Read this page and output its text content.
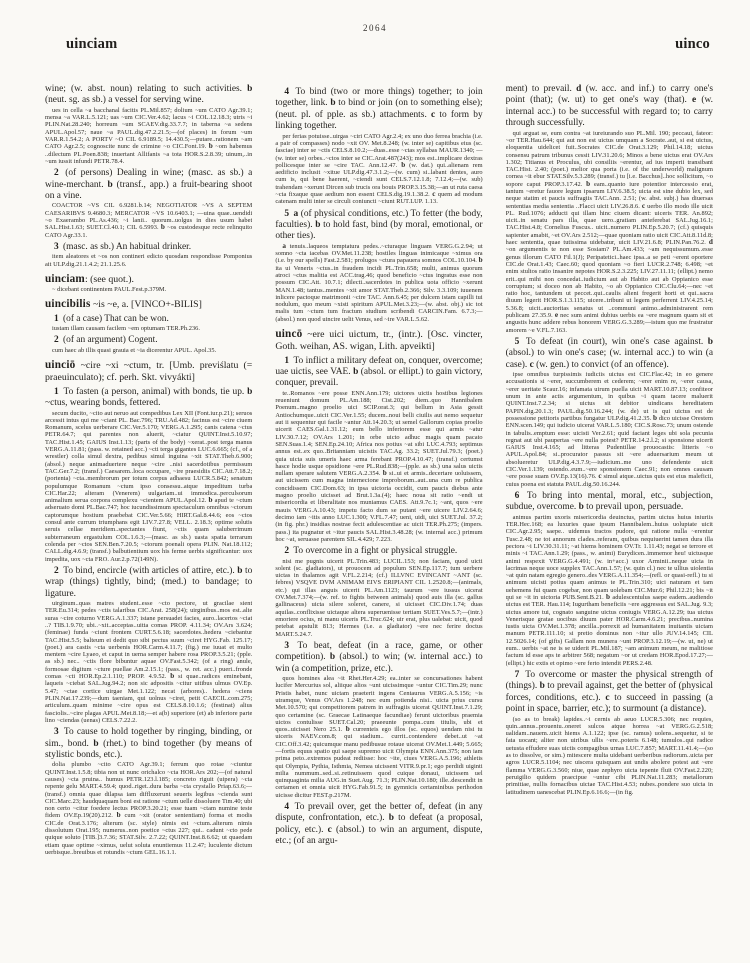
2064
uinciam	uinco

wine; (w. abst. noun) relating to such activities. b (neut. sg. as sb.) a vessel for serving wine.

ues in cella ~a bacchanal facitis PL.Mil.857; dolium ~um CATO Agr.39.1; mensa ~a VAR.L.5.121; uas ~um CIC.Ver.4.62; lacus ~i COL.12.18.3; utris ~i PLIN.Nat.28.240; horreum ~um SCAEV.dig.33.7.7; in taberna ~a sedens APUL.Apol.57; naue ~a PAUL.dig.47.2.21.5;—(of places) in forum ~um VAR.R.1.54.2; A PORTV ~O CIL 6.9189.5; 14.430.5;—putare..rationem ~am CATO Agr.2.5; cognoscite nunc de crimine ~o CIC.Font.19. b ~om habemus ..dilectum PL.Poen.838; inuertant Allifanis ~a tota HOR.S.2.8.39; uinum,..in ~um iussit infundi PETR.78.4.

2 (of persons) Dealing in wine; (masc. as sb.) a wine-merchant. b (transf., app.) a fruit-bearing shoot on a vine.

COACTOR ~VS CIL 6.9281.b.14; NEGOTIATOR ~VS A SEPTEM CAESARIBVS 9.4680.3; MERCATOR ~VS 10.6403.1; —uina quae..uendidi ~o Exaerambo PL.As.436; ~i lanii.. quorum..uolgus in dies usum habet SAL.Hist.1.63; SUET.Cl.40.1; CIL 6.5993. b ~os custodesque recte relinquito CATO Agr.33.1.

3 (masc. as sb.) An habitual drinker.

item aleatores et ~os non contineri edicto quosdam respondisse Pomponius ait ULP.dig.21.1.4.2; 21.1.25.6.

uinciam: (see quot.).

~ dicebant continentem PAUL.Fest.p.379M.

uincibilis ~is ~e, a. [VINCO+-BILIS]

1 (of a case) That can be won.

iustam illam causam facilem ~em optumam TER.Ph.236.

2 (of an argument) Cogent.

cum haec ab illis quasi grauia et ~ia dicerentur APUL. Apol.35.

uinciō ~cire ~xi ~ctum, tr. [Umb. previślatu (= praeuinculato); cf. perh. Skt. vivyákti]

1 To fasten (a person, animal) with bonds, tie up. b ~ctus, wearing bonds, fettered.

secum ducito, ~cito aut neruo aut compedibus Lex XII (Font.iur.p.21); seruos arcessit intus qui me ~ciant PL. Bac.796; TRU.Ad.482; facinus est ~cire ciuem Romanum, scelus uerberare CIC.Ver.5.170; VERG.A.1.295; canis catena ~ctus PETR.64.7; qui parentes non aluerit, ~ciatur QUINT.Inst.5.10.97; TAC.Hist.1.45; GAIUS Inst.1.13; (parts of the body) ~xerat..post terga manus VERG.A.11.81; (pass. w. retained acc.) ~cti terga gigantes LUC.6.665; (cf., of a wrestler) colla simul dextra, pedibus simul inguina ~xit STAT.Theb.6.900; (absol.) neque animaduertere neque ~cire ..nisi sacerdotibus permissum TAC.Ger.7.2; (transf.) Caesarem..loca occupare, ~ire praesidiis CIC.Att.7.18.2; (portenta) ~cta..membrorum per totum corpus adhaesu LUCR.5.842; senatum populumque Romanum ~ctum ipso consessu..atque impeditum turba CIC.Har.22; alteram (Venerem) uulgariam..ui immodica..perculsorum animalium serua corpora complexu ~cientem APUL.Apol.12. b apud te ~ctum adseruato domi PL.Bac.747; hoc iucundissimum spectaculum omnibus ~ctorum captorumque hostium praebebat CIC.Ver.5.66; HIRT.Gal.8.44.6; eos ~ctos consul ante currum triumphans egit LIV.7.27.8; VELL. 2.18.3; optime solutis seruis cellae meridiem..spectantes fiunt, ~ctis quam saluberrimum subterraneum ergastulum COL.1.6.3;—(masc. as sb.) uasta spatia terrarum colenda per ~ctos SEN.Ben.7.20.5; ~ctorum poenali opera PLIN. Nat.18.112; CALL.dig.4.6.9; (transf.) balbutientium uox his ferme uerbis significantur: uox impedita, uox ~cta FRO. Aur.2.p.72(149N).

2 To bind, encircle (with articles of attire, etc.). b to wrap (things) tightly, bind; (med.) to bandage; to ligature.

uirginum..quas matres student..esse ~cto pectore, ut gracilae sient TER.Eu.314; pedes ~ctis talaribus CIC.Arat. 258(24); uirginibus..mos est..alte suras ~cire coturno VERG.A.1.337; istane persuadet facies, auro..lacertos ~ciat ..? TIB.1.9.70; ubi..~xit..acceptas..uitta comas PROP. 4.11.34; OV.Ars 3.624; (feminae) funda ~ciunt frontem CURT.5.6.18; sacerdotes..hedera ~ciebantur TAC.Hist.5.5; balteum ei dedit quo sibi pectus suum ~ciret HYG.Fab. 125.17; (poet.) ara castis ~cta uerbenis HOR.Carm.4.11.7; (fig.) me iuuat et multo mentem ~cire Lyaeo, et caput in uerna semper habere rosa PROP.3.5.21; (pple. as sb.) nec.. ~ctis flore bibuntur aquae OV.Fast.5.342; (of a ring) anule, formosae digitum ~cture puellae Am.2.15.1; (pass., w. ret. acc.) pueri..fronde comas ~cti HOR.Ep.2.1.110; PROP. 4.9.52. b si quae..radices eminebant, laqueis ~ciebat SAL.Jug.94.2; non sic adpositis ~citur uitibus ulmus OV.Ep. 5.47; ~ctae cortice uirgae Met.1.122; necat (arbores).. hedera ~ciens PLIN.Nat.17.239;—dum taeniam, qui uolnus ~ciret, petit CAECIL.com.275; articulum..quam minime ~cire opus est CELS.8.10.1.6; (festinat) alius fasciolis..~cire plagas APUL.Met.8.18;—et a(b) superiore (et) ab inferiore parte lino ~ciendas (uenas) CELS.7.22.2.

3 To cause to hold together by ringing, binding, or sim., bond. b (rhet.) to bind together (by means of stylistic bonds, etc.).

dolia plumbo ~cito CATO Agr.39.1; ferrum quo rotae ~ciuntur QUINT.Inst.1.5.8; tibia non ut nunc orichalco ~cta HOR.Ars 202;—(of natural causes) ~cta pruina.. humus PETR.123.l.185; concreto riguit (uipera) ~cta repente gelu MART.4.59.4; quod..riget..dura barba ~cta crystallo Priap.63.6;—(transf.) omnia quae dilapsa iam diffluxerunt seueris legibus ~cienda sunt CIC.Marc.23; haudquaquam boni est ratione ~ctum uelle dissoluere Tim.40; ubi non certo ~citur foedere lectus PROP.3.20.21; esse tuam ~ctam numine teste fidem OV.Ep.19(20).212. b cum ~xit (orator sententiam) forma et modis CIC.de Orat.3.176; alterum (sc. style) nimis est ~ctum..alterum nimis dissolutum Orat.195; numerus..non poetice ~ctus 227; qui.. cadunt ~cto pede quique soluto [TIB.]3.7.36; STAT.Silv. 2.7.22; QUINT.Inst.8.6.62; ut quaedam etiam quae optime ~ximus, uelut soluta enuntiemus 11.2.47; luculente dictum uerbisque..breuibus et rotundis ~ctum GEL.16.1.1.

4 To bind (two or more things) together; to join together, link. b to bind or join (on to something else); (neut. pl. of pple. as sb.) attachments. c to form by linking together.

per ferias potuisse..uirgas ~ciri CATO Agr.2.4; ex uno duo ferrea brachia (i.e. a pair of compasses) nodo ~xit OV. Met.8.248; (w. inter se) capitibus eius (sc. fasciae) inter se ~ctis CELS.8.10.2;—duas..esse ~ctas syllabas MAUR.1340; —(w. inter se) orbes..~ctos inter se CIC.Arat.487(243); mos est..implicare dextras pollicesque inter se ~cire TAC. Ann.12.47. b (w. dat.) qui..alienam rem aedificio inclusit ~xitue ULP.dig.47.3.1.2;—(w. cum) si..labant dentes, auro cum is, qui bene haerent, ~ciendi sunt CELS.7.12.1.8; 7.12.4;—(w. sub) trahendam ~xerunt Dircen sub trucis ora bouis PROP.3.15.38;—an ut ruta caesa ~cta fixaque quae aedium non essent CELS.dig.19.1.38.2. c quem ad modum catenam multi inter se circuli coniuncti ~ciunt RUT.LUP. 1.13.

5 a (of physical conditions, etc.) To fetter (the body, faculties). b to hold fast, bind (by moral, emotional, or other ties).

a tenuis..laqueos temptatura pedes..~cturaque linguam VERG.G.2.94; ut somno ~cta iacebas OV.Met.11.238; hostiles linguas inimicaque ~ximus ora (i.e. by our spells) Fast.2.581; prolugos ~ctura papauera somnos COL.10.104. b ita ui Veneris ~ctus..in fraudem incidi PL.Trin.658; multi, animus quorum atroci ~ctus malitia est ACC.trag.46; quod beneficio ~ctus ingratus esse non possum CIC.Att. 10.7.1; dilecti..sacerdotes in publica uota officio ~xerunt MAN.1.48; tantus..mentes ~xit amor STAT.Theb.2.366; Silv. 3.3.109; iuuenem inlicere pactoque matrimonii ~cire TAC. Ann.6.45; per dulcem istam capilli tui nodulum, quo meum ~xisti spiritum APUL.Met.3.23;—(w. abst. obj.) sic tot malis tum ~ctum tum fractum studium scribendi CARCIN.Fam. 6.7.3;—(absol.) non quod uincire uelit Venus, sed ~ire VAR.L.5.62.

uincō ~ere uici uictum, tr., (intr.). [Osc. vincter, Goth. weihan, AS. wigan, Lith. apveikti]

1 To inflict a military defeat on, conquer, overcome; uae uictis, see VAE. b (absol. or ellipt.) to gain victory, conquer, prevail.

te..Romanos ~ere posse ENN.Ann.179; uictores uictis hostibus legiones reueniunt domum PL.Am.188; Cist.202; diem..quo Hannibalem Poenum..magno proelio uici SCIP.orat.3; qui bellum in Asia gessit Antiochumque..uicit CIC.Ver.1.55; ducem..noui belli ciuilis aut nemo sequetur aut ii sequentur qui facile ~antur Att.14.20.3; ut semel Gallorum copias proelio uicerit CAES.Gal.1.31.12; eum bello inferiorem esse qui armis ~atur LIV.30.7.12; OV.Ars 1.201; in orbe uicto adhuc magis quam pacato SEN.Suas.1.4; SEN.Ep.24.10; Africa nos potius ~at sibi LUC.4.793; septimus annus est..ex quo..Britanniam uicistis TAC.Ag. 33.2; SUET.Jul.79.3; (poet.) quia uicta suis umeris haec arma ferebant PROP.4.10.47; (transf.) certumst hasce hodie usque opsidione ~ere PL.Rud.838;—(pple. as sb.) una salus uictis nullam sperare salutem VERG.A.2.354. b si..ui et armis..decertare uoluissem, aut uicissem cum magna internecione improborum..aut..una cum re publica concidissem CIC.Dom.63; in ipsa uictoria occidit, cum paucis diebus ante magno proelio uicisset ad Brut.1.3a.(4); haec noua sit ratio ~endi ut misericordia et liberalitate nos muniamus CAES. Att.9.7c.1; ~ant, quos ~ere mauis VERG.A.10.43; impetu facto dum se putant ~ere uicere LIV.2.64.6; decimo iam ~itis anno LUC.1.300; V.FL.7.47; ueni, uidi, uici SUET.Jul. 37.2; (in fig. phr.) insidias nostrae fecit adulescentiae ac uicit TER.Ph.275; (impers. pass.) ita pugnatur et ~itur paucis SAL.Hist.3.48.28; (w. internal acc.) primum hoc ~at, seruasse parentem SIL.4.429; 7.223.

2 To overcome in a fight or physical struggle.

nisi me pugnis uicerit PL.Trin.483; LUCIL.153; non faciam, quod uicti solent (sc. gladiators), ut prouocem ad populum SEN.Ep.117.7; tum uerbere uictas in thalamos agit V.FL.2.214; (cf.) ILLVNC EVINCANT ~ANT (sc. febres) VSQVE DVM ANIMAM EIVS ERIPIANT CIL 1.2520.8;—(animals, etc.) qui illas anguis uicerit PL.Am.1123; taurum ~ere iussus uicerat OV.Met.7.374;—(w. ref. to fights between animals) quod auis illa (sc. gallus gallinaceus) uicta silere soleret, canere, si uicisset CIC.Div.1.74; duas aquilas..conflixisse uictaque altera superuenisse tertiam SUET.Ves.5.7;—(intr.) emoriere ocius, ni manu uiceris PL.Truc.624; uir erat, plus ualebat: uicit, quod petebat apstulit 813; Hermes (i.e. a gladiator) ~ere nec ferire doctus MART.5.24.7.

3 To beat, defeat (in a race, game, or other competition). b (absol.) to win; (w. internal acc.) to win (a competition, prize, etc.).

quos homines alea ~it Rhet.Her.4.29; ea..inter se concursationes habent lucifer Mercurius sol, aliique alios ~unt uicissimque ~untur CIC.Tim.29; nunc Pristis habet, nunc uictam praeterit ingens Centaurus VERG.A.5.156; ~is utramque, Venus OV.Ars 1.248; nec eum potienda nisi.. uicta prius cursu Met.10.570; qui competitorem patrem in suffragiis uicerat QUINT.Inst.7.1.29; quo certamine (sc. Graecae Latinaeque facundiae) ferunt uictoribus praemia uictos contulisse SUET.Cal.20; praeeunte pompa..cum titulis, ubi et quos..uicisset Nero 25.1. b currenteis ego illos (sc. equos) uendam nisi tu uiceris NAEV.com.8; qui stadium.. currit..contendere debet..ut ~at CIC.Off.3.42; quicumque manu pedibusue rotaue uicerat OV.Met.1.449; 5.665; —fortis equus spatio qui saepe supremo uicit Olympia ENN.Ann.375; non iam prima peto..extremos pudeat rediisse: hoc ~ite, ciues VERG.A.5.196; athletis qui Olympia, Pythia, Isthmia, Nemea uicissent VITR.9.pr.1; ego perdidi uiginti milia nummum..sed..si..retinuissem quod cuique donaui, uicissem uel quinquaginta milia AUG.in Suet.Aug. 71.3; PLIN.Nat.10.180; ille..descendit in certamen et omnia uicit HYG.Fab.91.5; in gymnicis certaminibus perihodon uicisse dicitur FEST.p.217M.

4 To prevail over, get the better of, defeat (in any dispute, confrontation, etc.). b to defeat (a proposal, policy, etc.). c (absol.) to win an argument, dispute, etc.; (of an argu-

ment) to prevail. d (w. acc. and inf.) to carry one's point (that); (w. ut) to get one's way (that). e (w. internal acc.) to be successful with regard to; to carry through successfully.

qui arguat se, eum contra ~at iureiurando suo PL.Mil. 190; peccaui, fateor: ~or TER.Hau.644; qui aut non est uictus umquam a Socrate..aut, si est uictus, eloquentia uidelicet fuit..Socrates CIC.de Orat.3.129; Phil.14.18; uictus consensu patrum tribunus cessit LIV.31.20.6; Minos a bene uictus erat OV.Ars 1.302; Titianus et Proculus, ubi consiliis ~erentur, ad ius imperii transibant TAC.Hist. 2.40; (poet.) melior qua porta (i.e. of the underworld) malignum cornea ~it ebur STAT.Silv.5.3.289; (transf.) tu [i.e. Bacchus]..hoc sollicitum, ~o sopore caput PROP.3.17.42. b eam..quanto iure potentior intercessio erat, tantum ~eretur fauore legum ipsarum LIV.6.38.5; uicta est sine dubio lex, sed neque statim et paucis suffragiis TAC.Ann. 2.51; (w. abst. subj.) has diuersas sententias media sententia ..Flacci uicit LIV.26.8.6. c uerbo illo modo ille uicit PL. Rud.1076; adducti qui illam hinc ciuem dicant: uiceris TER. An.892; uicit..in senatu pars illa, quae uero..gratiam anteferebat SAL.Jug.16.1; TAC.Hist.4.8; Cornelius Fuscus.. uicit..numero PLIN.Ep.5.20.7; (cf.) quisquis sapienter amabit, ~et OV.Ars 2.512;—quae quoniam ratio uicit CIC.Att.8.11d.8; haec sententia, quae tutissima uidebatur, uicit LIV.21.6.8; PLIN.Pan.76.2. d ~on argumentis te non esse Sosiam? PL.Am.433; ~am nequissumum..esse genus illorum CATO Fil.1(J); Peripatetici..haec ipsa..a se peti ~erent oportere CIC.de Orat.1.43; Caec.60; quod quoniam ~o fieri LUCR.2.748; 6.498; ~et enim stultos ratio insanire nepotes HOR.S.2.3.225; LIV.27.11.11; (ellipt.) nemo erit..qui mihi non concedat..iudicium aut ab Habito aut ab Oppianico esse corruptum; si doceo non ab Habito, ~o ab Oppianico CIC.Clu.64;—nec ~et ratio hoc, tantundem ut peccet..qui..caulis alieni fregerit horti et qui..sacra diuum legerit HOR.S.1.3.115; uicere..tribuni ut legem perferrent LIV.4.25.14; 5.36.8; uicit..auctoritas senatus ut ..communi animo..administrarent rem publicam 27.35.9. e nec sum animi dubius uerbis ea ~ere magnum quam sit et angustis hunc addere rebus honorem VERG.G.3.289;—istum quo me frustratur amorem ~e V.FL.7.163.

5 To defeat (in court), win one's case against. b (absol.) to win one's case; (w. internal acc.) to win (a case). c (w. gen.) to convict (of an offence).

ipse omnibus turpissimis iudiciis uictus est CIC.Flac.42; in eo genere accusationis si ~erer, succumberem et cederem; ~erer enim re, ~erer causa, ~erer ueritate Scaur.16; infamata uirum puella uicit MART.10.87.13; confiteor unum in ante actis argumentum, in quibus ~i quam tacere maluerit QUINT.Inst.7.2.34; si uictus sit debitor uindicans hereditatem PAPIN.dig.20.1.3; PAUL.dig.50.16.244; (w. de) ut is qui uictus est de possessione petitoris partibus fungatur ULP.dig.41.2.35. b dico uicisse Orestem ENN.scen.149; qui iudicio uicerat VAR.L.5.180; CIC.S.Rosc.73; unum ostende in tabulis..emptum esse: uicisti Ver.2.61; quid faciant leges ubi sola pecunia regnat aut ubi paupertas ~ere nulla potest? PETR.14.2.l.2; si sponsione uicerit GAIUS Inst.4.165; ad litteras Pudentillae prouocastis: litteris ~o APUL.Apol.84; si..procurator passus sit ~ere aduersarium meum ut absolueretur ULP.dig.4.3.7.9;—iudicium..me uno defendente uicit CIC.Ver.1.139; ostendo..eum..~ere sponsionem Caec.91; non omnes causam ~ere posse suam OV.Ep.13(16).76. c simul atque..uictus quis est eius maleficii, cuius poena est statuta PAUL.dig.50.16.244.

6 To bring into mental, moral, etc., subjection, subdue, overcome. b to prevail upon, persuade.

animus partim uxoris misericordia deuinctus, partim uictus huius iniuriis TER.Hec.168; ea luxuries quae ipsum Hannibalem..huius uoluptate uicit CIC.Agr.2.95; saepe.. uidemus tractos pudore, qui ratione nulla ~erentur Tusc.2.48; ne tot annorum clades..referam, quibus nequiuerint tamen dura illa pectora ~i LIV.30.31.11; ~at hiems hominem OV.Tr. 1.11.43; negat se terrore et minis ~i TAC.Ann.1.29; (pass., w. animi) Eurydicen..immemor heu! uictusque animi respexit VERG.G.4.491; (w. in+acc.) uxor Arminii..neque uicta in lacrimas neque uoce supplex TAC.Ann.1.57; (w. quin cl.) nec te ullius uiolentia ~at quin natam egregio genero..des VERG.A.11.354;—(refl. or quasi-refl.) tu si animum uicisti potius quam animus te PL.Trin.310; uici naturam et tam uehemens fui quam cogebar, non quam uolebam CIC.Mur.6; Phil.12.21; bis ~it qui se ~it in uictoria PUB.Sent.B.21. b adulescentulus saepe eadem..audiendo uictus est TER. Hau.114; Iugurtham beneficiis ~ere aggressus est SAL.Jug. 9.3; uictus amore tui, cognato sanguine uictus coniugis VERG.A.12.29; tua uictus Venerisque gratae uocibus diuum pater HOR.Carm.4.6.21; precibus..numina iustis uicta OV.Met.1.378; ancilla..porrexit ad humanitatem inuitantis uictam manum PETR.111.10; si pretio dominus non ~itur ullo JUV.14.145; CIL 12.5026.14; (of gifts) Gallam non munera ~unt PROP.3.12.19;—(w. ut, ne) ut eum.. uerbis ~at ne is se uiderit PL.Mil.187; ~am animum meum, ne malitiose factum id esse aps te arbitrer 568; negatum ~or ut credam HOR.Epod.17.27;—(ellipt.) hic extis et opimo ~ere ferto intendit PERS.2.48.

7 To overcome or master the physical strength of (things). b to prevail against, get the better of (physical forces, conditions, etc.). c to succeed in passing (a point in space, barrier, etc.); to surmount (a distance).

(so as to break) lapides..~i cernis ab aeuo LUCR.5.306; nec requies, quin..annus..prouentu..oneret sulcos atque horrea ~at VERG.G.2.518; ualidam..nauem..uicit hiems A.1.122; ipse (sc. ramus) uolens..sequetur, si te fata uocant; aliter non uiribus ullis ~ere..poteris 6.148; tumulos..qui radice uetusta effudere suas uictis compagibus urnas LUC.7.857; MART.11.41.4;—(so as to dissolve, or sim.) mitescere multa uidebant uerberibus radiorum..uicta per agros LUCR.5.1104; nec uiscera quisquam aut undis abolere potest aut ~ere flamma VERG.G.3.560; niue, quae zephyro uicta tepente fluit OV.Fast.2.220; peruigilio quidem praecipue ~untur cibi PLIN.Nat.11.283; metallorum primitiae, nullis fornacibus uictae TAC.Hist.4.53; nubes..pondere suo uicta in latitudinem uanescebat PLIN.Ep.6.16.6;—(in fig.
